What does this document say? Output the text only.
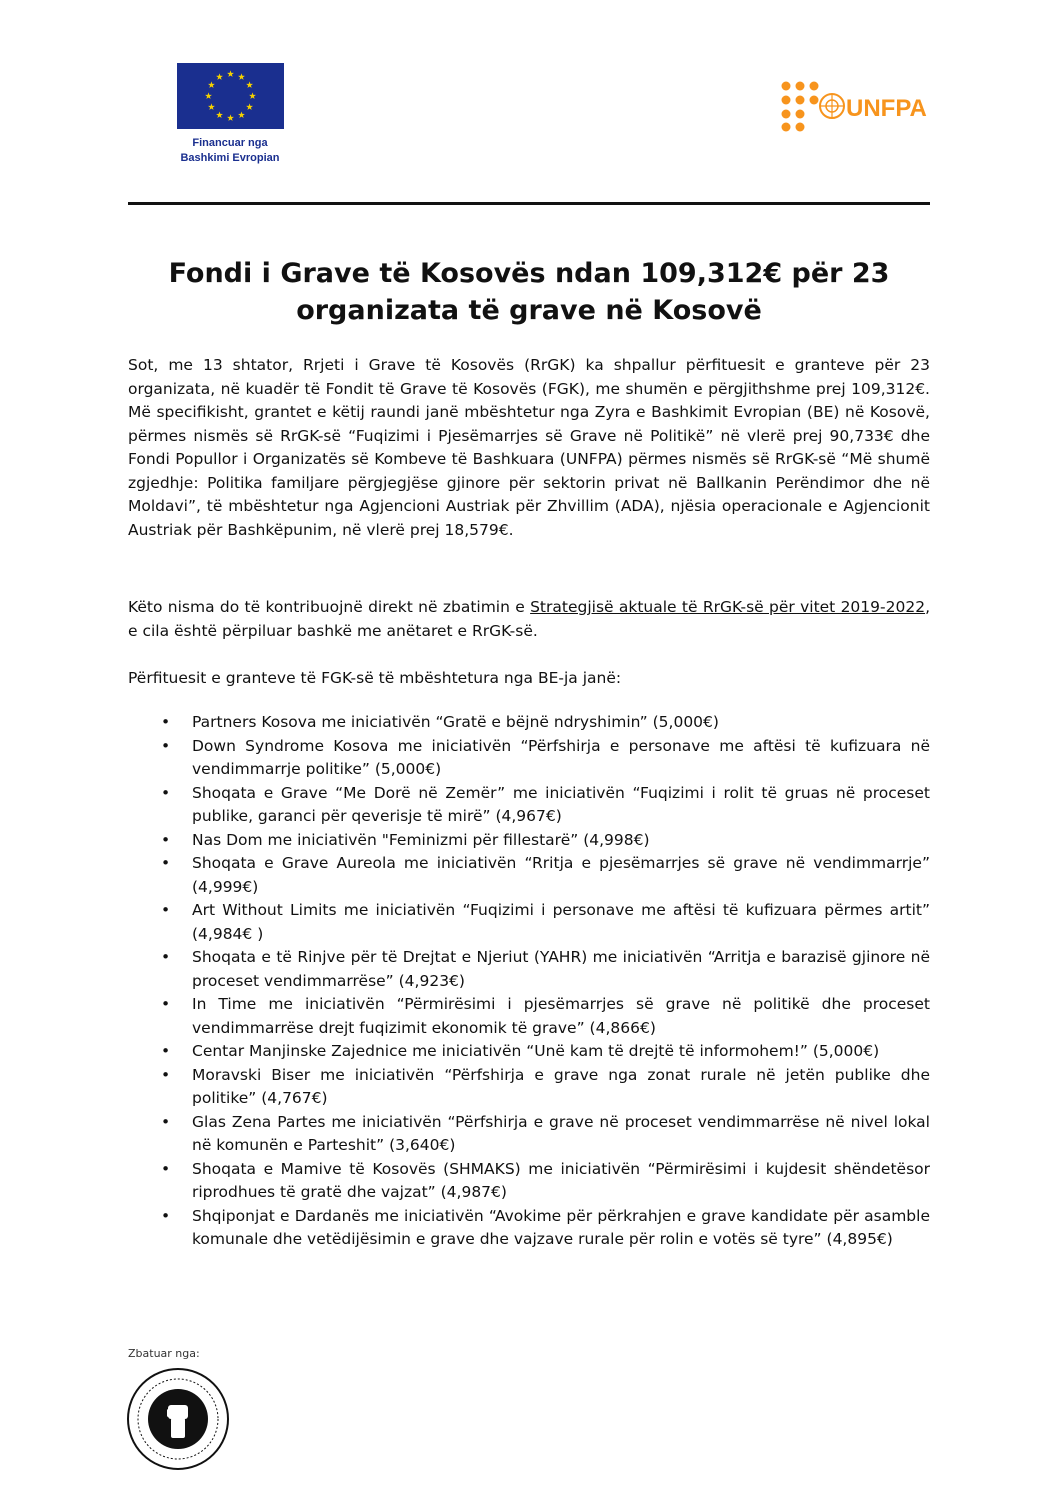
Financuar nga
Bashkimi Evropian
UNFPA
Fondi i Grave të Kosovës ndan 109,312€ për 23
organizata të grave në Kosovë

Sot, me 13 shtator, Rrjeti i Grave të Kosovës (RrGK) ka shpallur përfituesit e granteve për 23 organizata, në kuadër të Fondit të Grave të Kosovës (FGK), me shumën e përgjithshme prej 109,312€. Më specifikisht, grantet e këtij raundi janë mbështetur nga Zyra e Bashkimit Evropian (BE) në Kosovë, përmes nismës së RrGK-së “Fuqizimi i Pjesëmarrjes së Grave në Politikë” në vlerë prej 90,733€ dhe Fondi Popullor i Organizatës së Kombeve të Bashkuara (UNFPA) përmes nismës së RrGK-së “Më shumë zgjedhje: Politika familjare përgjegjëse gjinore për sektorin privat në Ballkanin Perëndimor dhe në Moldavi”, të mbështetur nga Agjencioni Austriak për Zhvillim (ADA), njësia operacionale e Agjencionit Austriak për Bashkëpunim, në vlerë prej 18,579€.

Këto nisma do të kontribuojnë direkt në zbatimin e Strategjisë aktuale të RrGK-së për vitet 2019-2022, e cila është përpiluar bashkë me anëtaret e RrGK-së.

Përfituesit e granteve të FGK-së të mbështetura nga BE-ja janë:

• Partners Kosova me iniciativën “Gratë e bëjnë ndryshimin” (5,000€)
• Down Syndrome Kosova me iniciativën “Përfshirja e personave me aftësi të kufizuara në vendimmarrje politike” (5,000€)
• Shoqata e Grave “Me Dorë në Zemër” me iniciativën “Fuqizimi i rolit të gruas në proceset publike, garanci për qeverisje të mirë” (4,967€)
• Nas Dom me iniciativën "Feminizmi për fillestarë” (4,998€)
• Shoqata e Grave Aureola me iniciativën “Rritja e pjesëmarrjes së grave në vendimmarrje” (4,999€)
• Art Without Limits me iniciativën “Fuqizimi i personave me aftësi të kufizuara përmes artit” (4,984€ )
• Shoqata e të Rinjve për të Drejtat e Njeriut (YAHR) me iniciativën “Arritja e barazisë gjinore në proceset vendimmarrëse” (4,923€)
• In Time me iniciativën “Përmirësimi i pjesëmarrjes së grave në politikë dhe proceset vendimmarrëse drejt fuqizimit ekonomik të grave” (4,866€)
• Centar Manjinske Zajednice me iniciativën “Unë kam të drejtë të informohem!” (5,000€)
• Moravski Biser me iniciativën “Përfshirja e grave nga zonat rurale në jetën publike dhe politike” (4,767€)
• Glas Zena Partes me iniciativën “Përfshirja e grave në proceset vendimmarrëse në nivel lokal në komunën e Parteshit” (3,640€)
• Shoqata e Mamive të Kosovës (SHMAKS) me iniciativën “Përmirësimi i kujdesit shëndetësor riprodhues të gratë dhe vajzat” (4,987€)
• Shqiponjat e Dardanës me iniciativën “Avokime për përkrahjen e grave kandidate për asamble komunale dhe vetëdijësimin e grave dhe vajzave rurale për rolin e votës së tyre” (4,895€)
Zbatuar nga:
